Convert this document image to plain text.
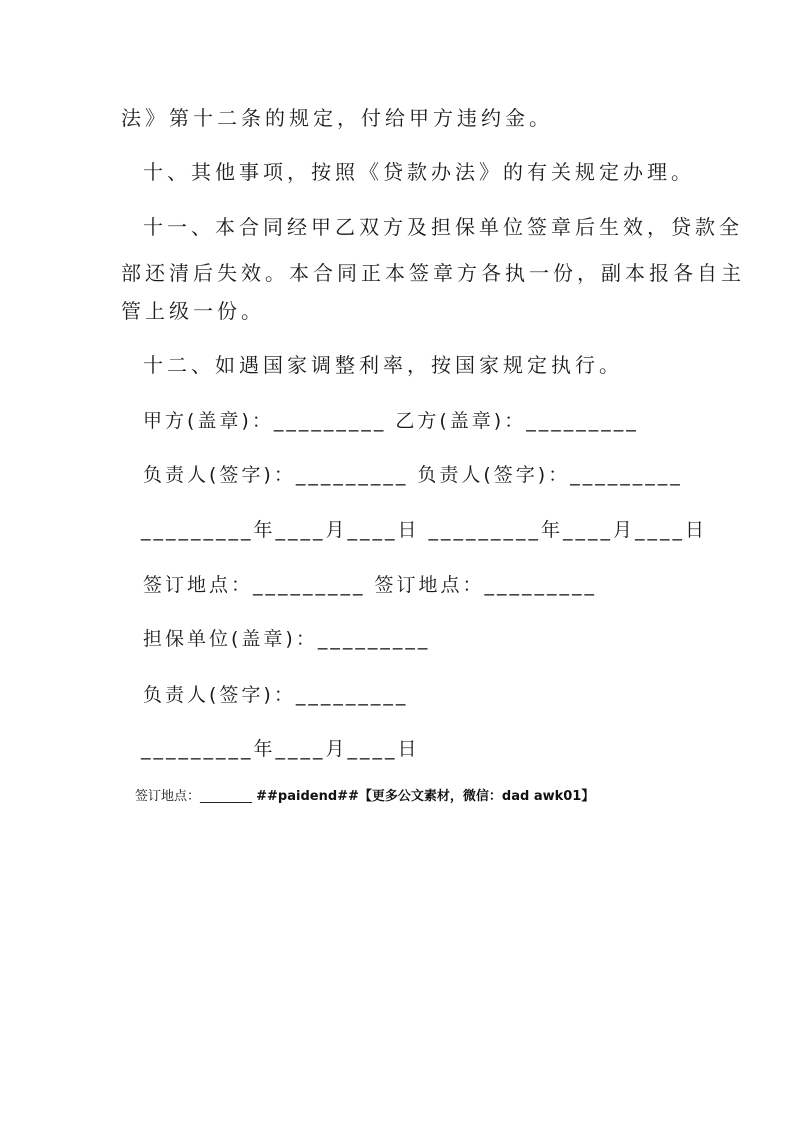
法》第十二条的规定，付给甲方违约金。
十、其他事项，按照《贷款办法》的有关规定办理。
十一、本合同经甲乙双方及担保单位签章后生效，贷款全
部还清后失效。本合同正本签章方各执一份，副本报各自主
管上级一份。
十二、如遇国家调整利率，按国家规定执行。
甲方(盖章)：_________ 乙方(盖章)：_________
负责人(签字)：_________ 负责人(签字)：_________
_________年____月____日 _________年____月____日
签订地点：_________ 签订地点：_________
担保单位(盖章)：_________
负责人(签字)：_________
_________年____月____日
签订地点：________ ##paidend##【更多公文素材，微信：dad awk01】
